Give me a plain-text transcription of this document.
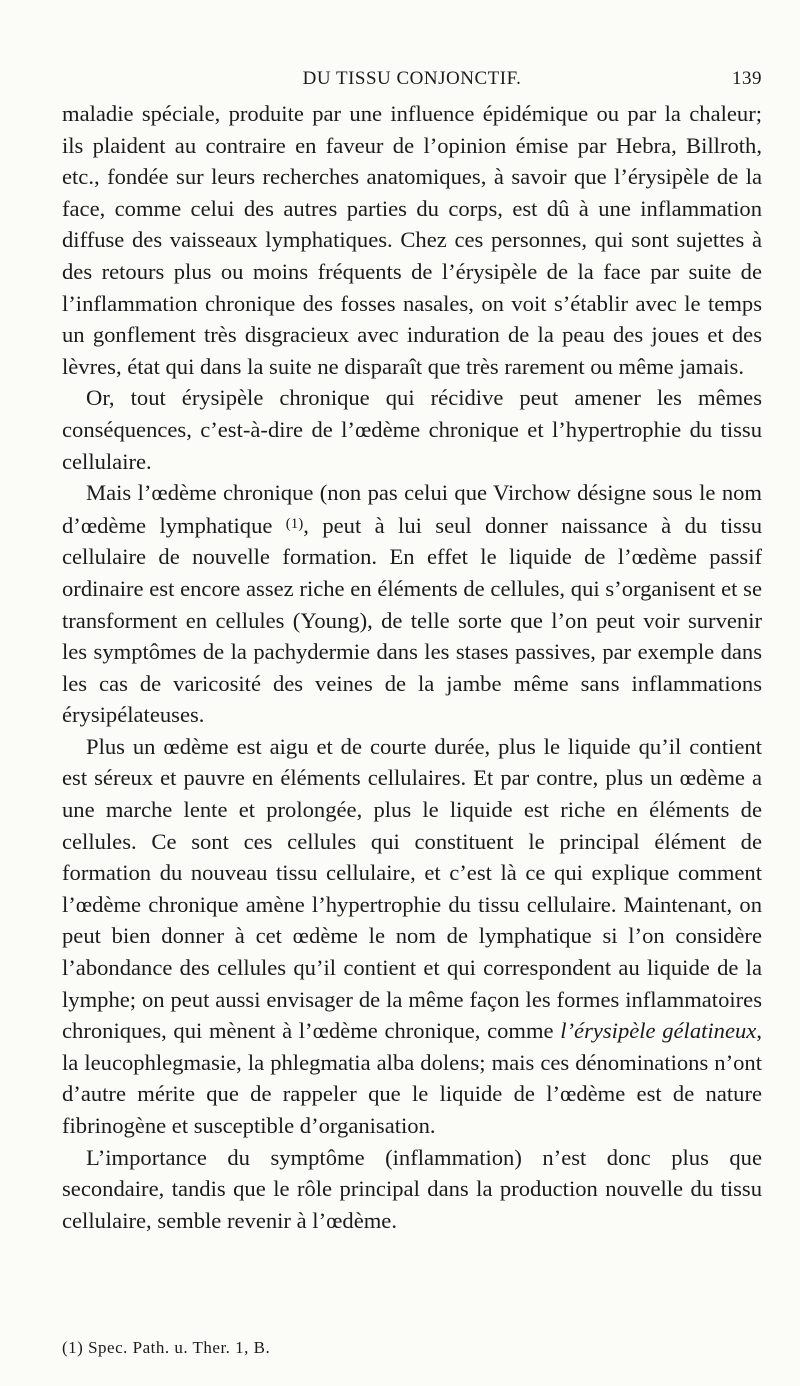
DU TISSU CONJONCTIF.	139

maladie spéciale, produite par une influence épidémique ou par la chaleur; ils plaident au contraire en faveur de l’opinion émise par Hebra, Billroth, etc., fondée sur leurs recherches anatomiques, à savoir que l’érysipèle de la face, comme celui des autres parties du corps, est dû à une inflammation diffuse des vaisseaux lymphatiques. Chez ces personnes, qui sont sujettes à des retours plus ou moins fréquents de l’érysipèle de la face par suite de l’inflammation chronique des fosses nasales, on voit s’établir avec le temps un gonflement très disgracieux avec induration de la peau des joues et des lèvres, état qui dans la suite ne disparaît que très rarement ou même jamais.

Or, tout érysipèle chronique qui récidive peut amener les mêmes conséquences, c’est-à-dire de l’œdème chronique et l’hypertrophie du tissu cellulaire.

Mais l’œdème chronique (non pas celui que Virchow désigne sous le nom d’œdème lymphatique $^{(1)}$, peut à lui seul donner naissance à du tissu cellulaire de nouvelle formation. En effet le liquide de l’œdème passif ordinaire est encore assez riche en éléments de cellules, qui s’organisent et se transforment en cellules (Young), de telle sorte que l’on peut voir survenir les symptômes de la pachydermie dans les stases passives, par exemple dans les cas de varicosité des veines de la jambe même sans inflammations érysipélateuses.

Plus un œdème est aigu et de courte durée, plus le liquide qu’il contient est séreux et pauvre en éléments cellulaires. Et par contre, plus un œdème a une marche lente et prolongée, plus le liquide est riche en éléments de cellules. Ce sont ces cellules qui constituent le principal élément de formation du nouveau tissu cellulaire, et c’est là ce qui explique comment l’œdème chronique amène l’hypertrophie du tissu cellulaire. Maintenant, on peut bien donner à cet œdème le nom de lymphatique si l’on considère l’abondance des cellules qu’il contient et qui correspondent au liquide de la lymphe; on peut aussi envisager de la même façon les formes inflammatoires chroniques, qui mènent à l’œdème chronique, comme l’érysipèle gélatineux, la leucophlegmasie, la phlegmatia alba dolens; mais ces dénominations n’ont d’autre mérite que de rappeler que le liquide de l’œdème est de nature fibrinogène et susceptible d’organisation.

L’importance du symptôme (inflammation) n’est donc plus que secondaire, tandis que le rôle principal dans la production nouvelle du tissu cellulaire, semble revenir à l’œdème.

(1) Spec. Path. u. Ther. 1, B.
